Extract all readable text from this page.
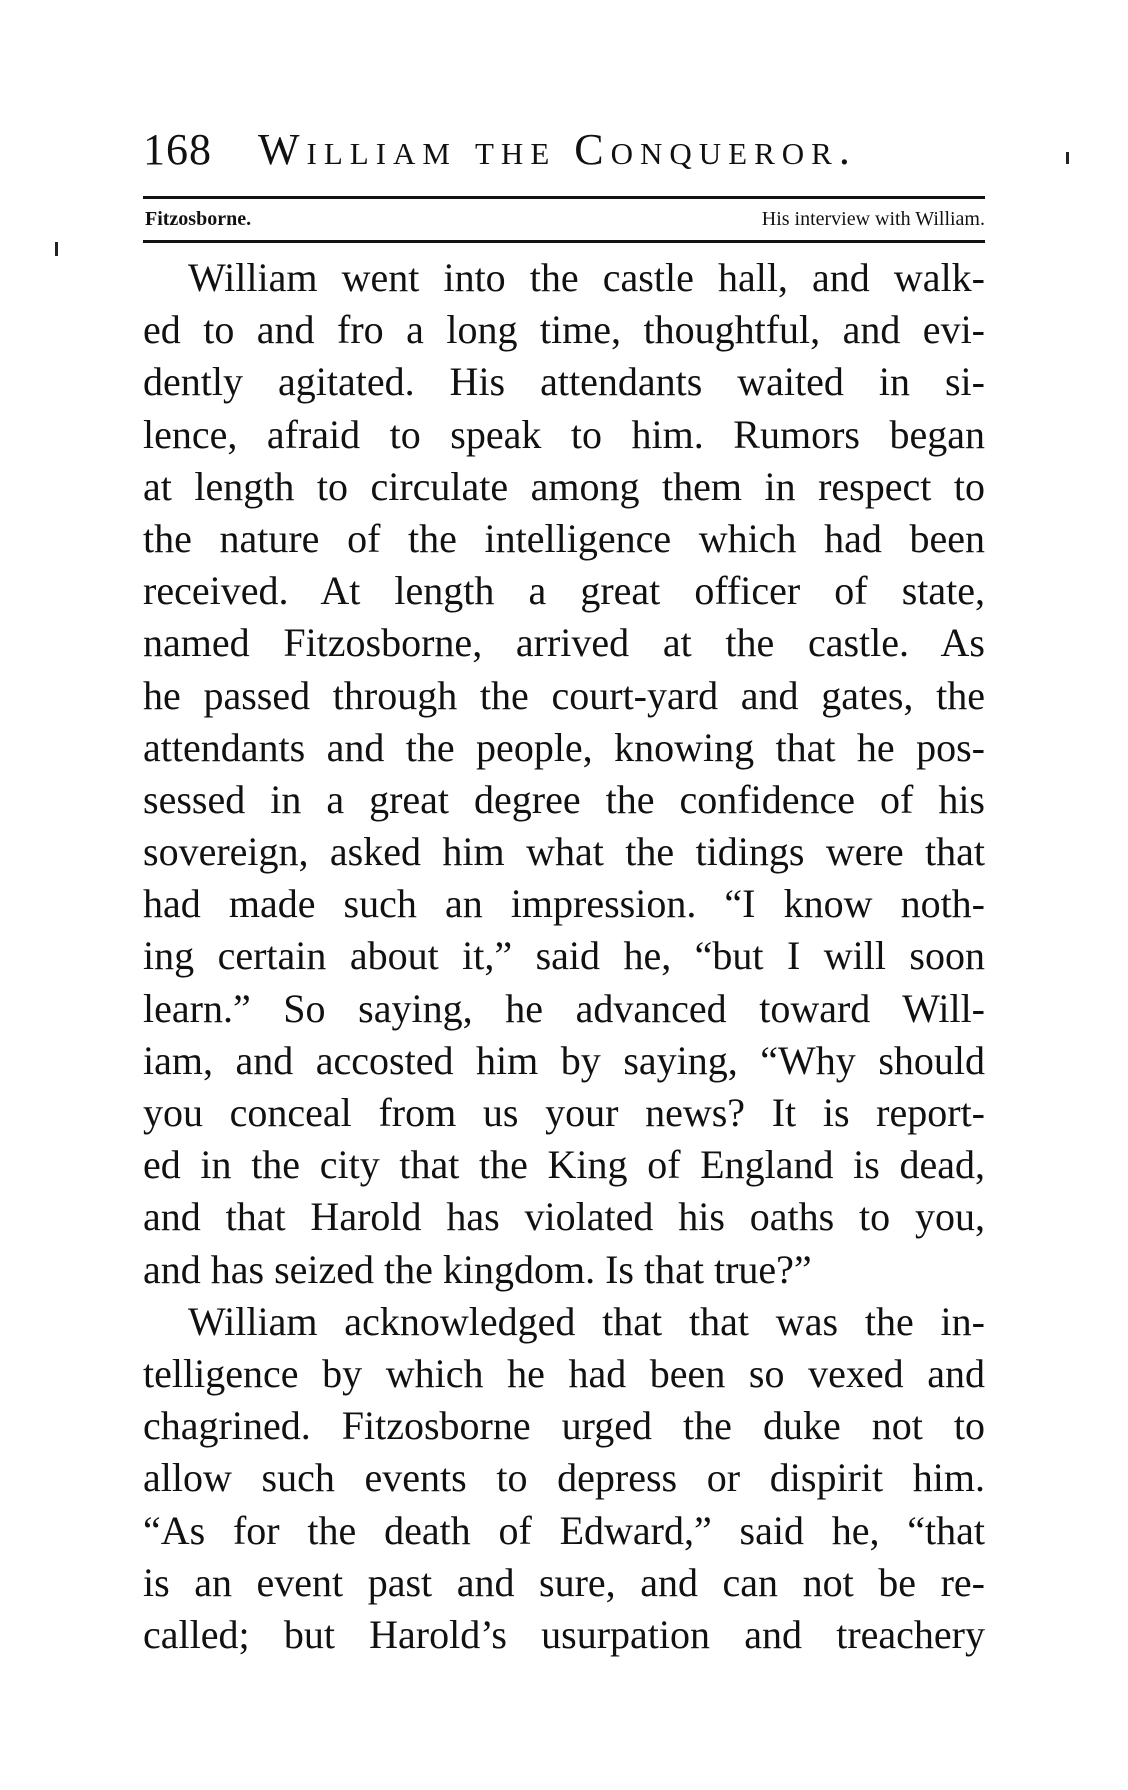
168 William the Conqueror.
Fitzosborne.	His interview with William.
William went into the castle hall, and walk-
ed to and fro a long time, thoughtful, and evi-
dently agitated. His attendants waited in si-
lence, afraid to speak to him. Rumors began
at length to circulate among them in respect to
the nature of the intelligence which had been
received. At length a great officer of state,
named Fitzosborne, arrived at the castle. As
he passed through the court-yard and gates, the
attendants and the people, knowing that he pos-
sessed in a great degree the confidence of his
sovereign, asked him what the tidings were that
had made such an impression. “I know noth-
ing certain about it,” said he, “but I will soon
learn.” So saying, he advanced toward Will-
iam, and accosted him by saying, “Why should
you conceal from us your news? It is report-
ed in the city that the King of England is dead,
and that Harold has violated his oaths to you,
and has seized the kingdom. Is that true?”
William acknowledged that that was the in-
telligence by which he had been so vexed and
chagrined. Fitzosborne urged the duke not to
allow such events to depress or dispirit him.
“As for the death of Edward,” said he, “that
is an event past and sure, and can not be re-
called; but Harold’s usurpation and treachery
